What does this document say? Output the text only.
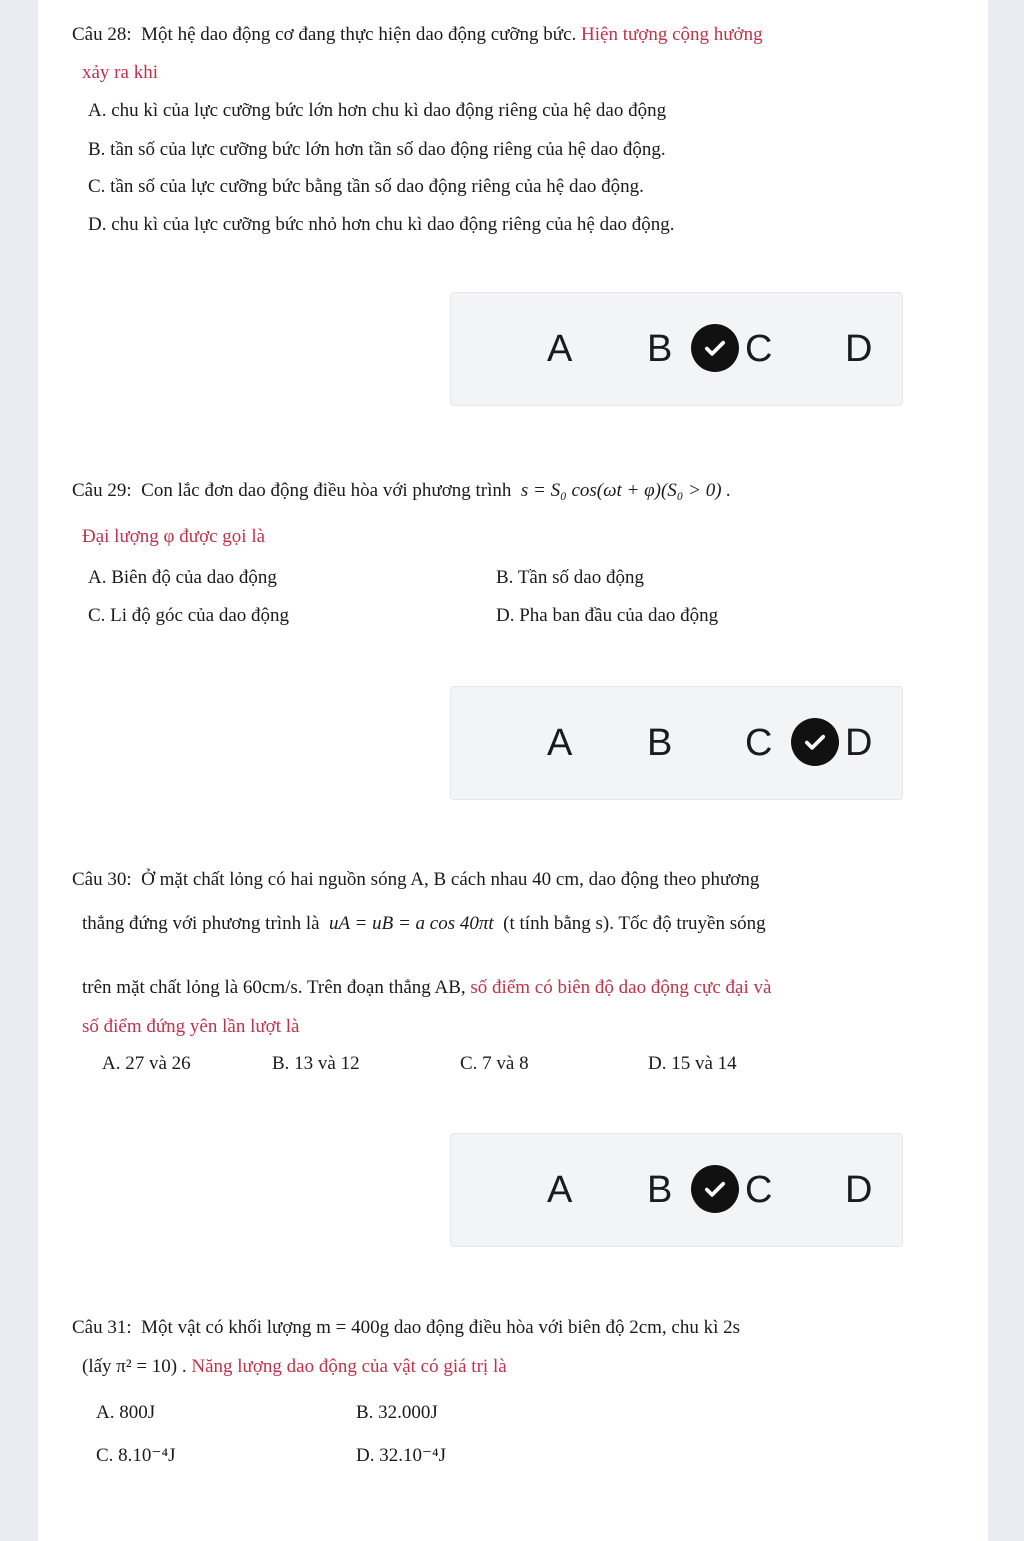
Câu 28: Một hệ dao động cơ đang thực hiện dao động cưỡng bức. Hiện tượng cộng hưởng
xảy ra khi
A. chu kì của lực cưỡng bức lớn hơn chu kì dao động riêng của hệ dao động
B. tần số của lực cưỡng bức lớn hơn tần số dao động riêng của hệ dao động.
C. tần số của lực cưỡng bức bằng tần số dao động riêng của hệ dao động.
D. chu kì của lực cưỡng bức nhỏ hơn chu kì dao động riêng của hệ dao động.
A B C D
Câu 29: Con lắc đơn dao động điều hòa với phương trình s = S₀ cos(ωt + φ)(S₀ > 0) .
Đại lượng φ được gọi là
A. Biên độ của dao động	B. Tần số dao động
C. Li độ góc của dao động	D. Pha ban đầu của dao động
A B C D
Câu 30: Ở mặt chất lỏng có hai nguồn sóng A, B cách nhau 40 cm, dao động theo phương
thẳng đứng với phương trình là uA = uB = a cos 40πt (t tính bằng s). Tốc độ truyền sóng
trên mặt chất lỏng là 60cm/s. Trên đoạn thẳng AB, số điểm có biên độ dao động cực đại và
số điểm đứng yên lần lượt là
A. 27 và 26	B. 13 và 12	C. 7 và 8	D. 15 và 14
A B C D
Câu 31: Một vật có khối lượng m = 400g dao động điều hòa với biên độ 2cm, chu kì 2s
(lấy π² = 10) . Năng lượng dao động của vật có giá trị là
A. 800J	B. 32.000J
C. 8.10⁻⁴J	D. 32.10⁻⁴J
